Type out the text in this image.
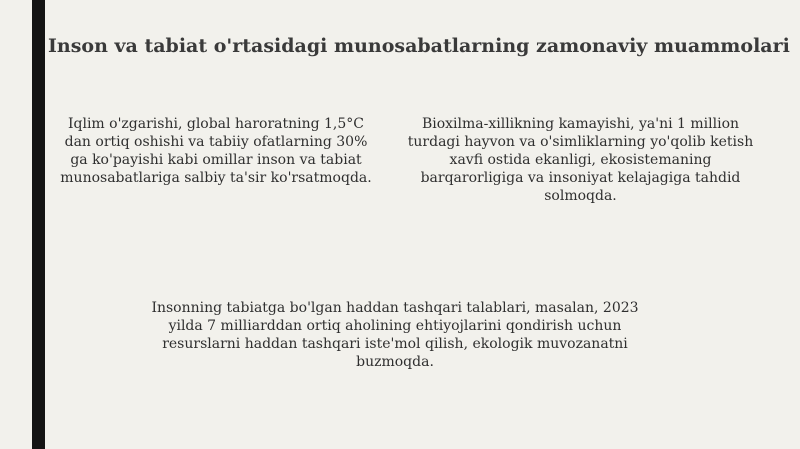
Inson va tabiat o'rtasidagi munosabatlarning zamonaviy muammolari

Iqlim o'zgarishi, global haroratning 1,5°C dan ortiq oshishi va tabiiy ofatlarning 30% ga ko'payishi kabi omillar inson va tabiat munosabatlariga salbiy ta'sir ko'rsatmoqda.

Bioxilma-xillikning kamayishi, ya'ni 1 million turdagi hayvon va o'simliklarning yo'qolib ketish xavfi ostida ekanligi, ekosistemaning barqarorligiga va insoniyat kelajagiga tahdid solmoqda.

Insonning tabiatga bo'lgan haddan tashqari talablari, masalan, 2023 yilda 7 milliarddan ortiq aholining ehtiyojlarini qondirish uchun resurslarni haddan tashqari iste'mol qilish, ekologik muvozanatni buzmoqda.
